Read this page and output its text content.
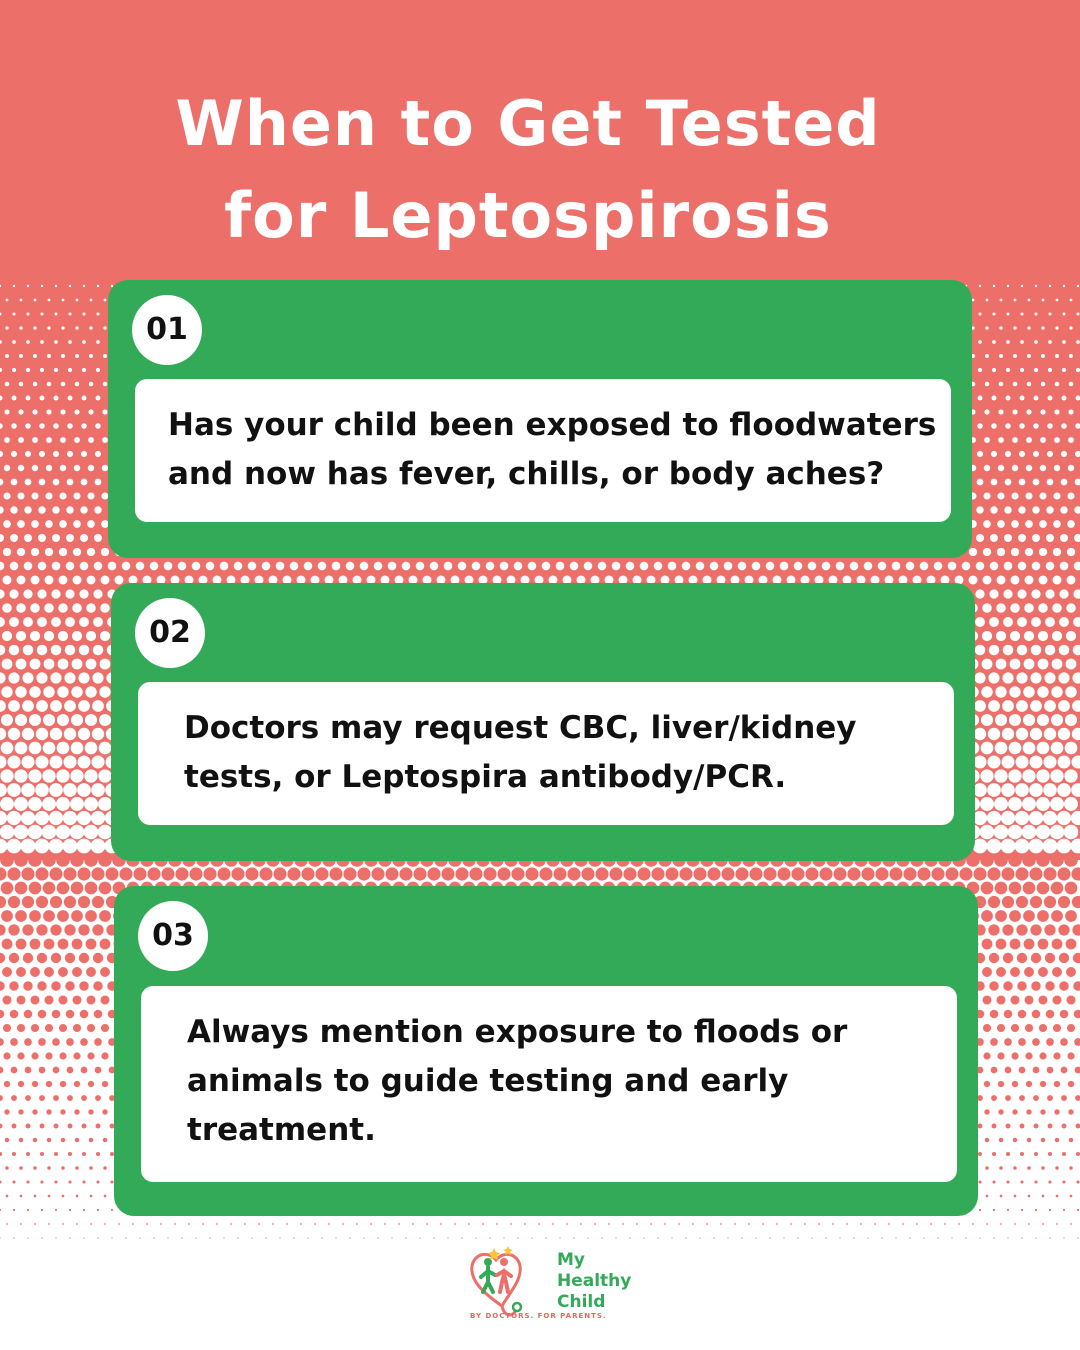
When to Get Tested
for Leptospirosis
01
Has your child been exposed to floodwaters and now has fever, chills, or body aches?
02
Doctors may request CBC, liver/kidney tests, or Leptospira antibody/PCR.
03
Always mention exposure to floods or animals to guide testing and early treatment.
My
Healthy
Child
BY DOCTORS. FOR PARENTS.
